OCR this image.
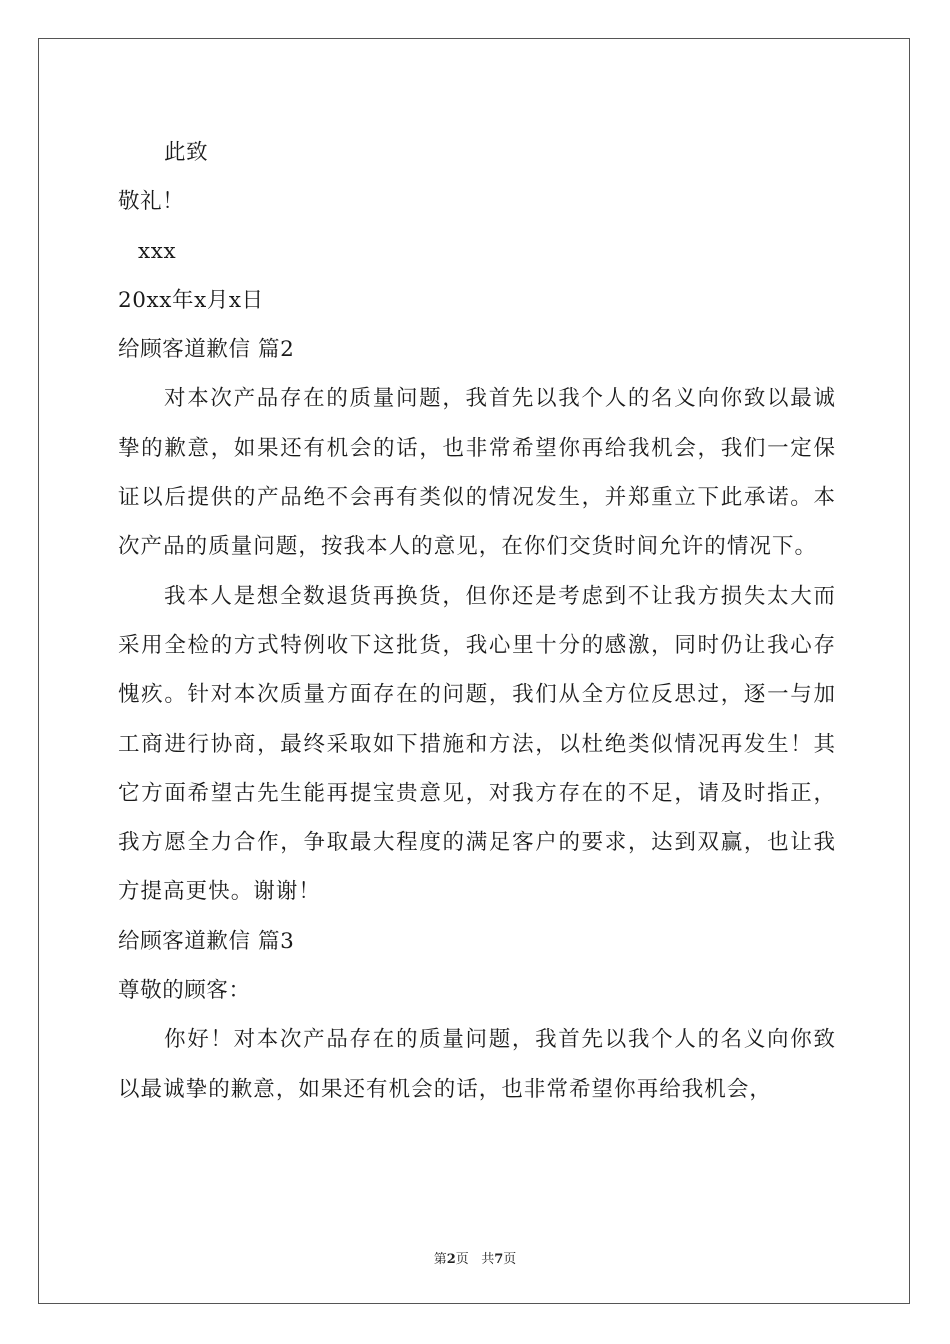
此致
敬礼！
xxx
20xx年x月x日
给顾客道歉信 篇2

对本次产品存在的质量问题，我首先以我个人的名义向你致以最诚挚的歉意，如果还有机会的话，也非常希望你再给我机会，我们一定保证以后提供的产品绝不会再有类似的情况发生，并郑重立下此承诺。本次产品的质量问题，按我本人的意见，在你们交货时间允许的情况下。

我本人是想全数退货再换货，但你还是考虑到不让我方损失太大而采用全检的方式特例收下这批货，我心里十分的感激，同时仍让我心存愧疚。针对本次质量方面存在的问题，我们从全方位反思过，逐一与加工商进行协商，最终采取如下措施和方法，以杜绝类似情况再发生！其它方面希望古先生能再提宝贵意见，对我方存在的不足，请及时指正，我方愿全力合作，争取最大程度的满足客户的要求，达到双赢，也让我方提高更快。谢谢！

给顾客道歉信 篇3
尊敬的顾客：

你好！对本次产品存在的质量问题，我首先以我个人的名义向你致以最诚挚的歉意，如果还有机会的话，也非常希望你再给我机会，

第2页 共7页
